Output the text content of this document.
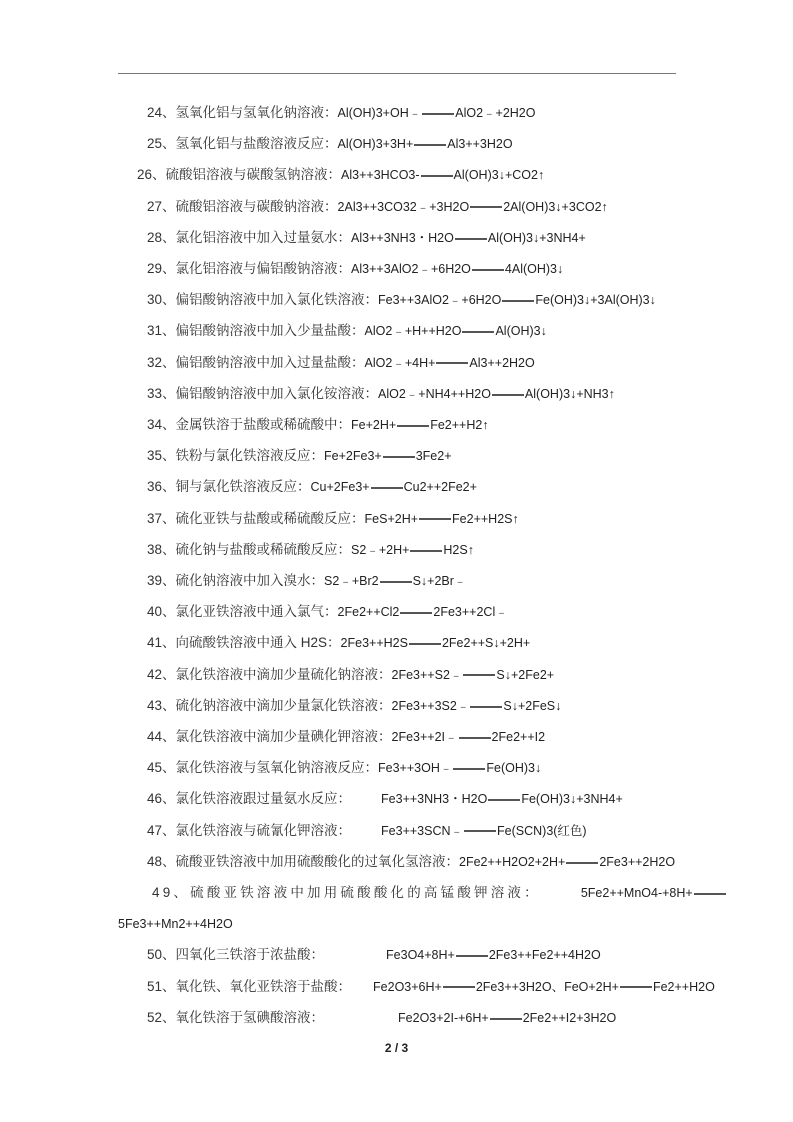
24、氢氧化铝与氢氧化钠溶液：Al(OH)3+OH﹣	AlO2﹣+2H2O
25、氢氧化铝与盐酸溶液反应：Al(OH)3+3H+	Al3++3H2O
26、硫酸铝溶液与碳酸氢钠溶液：Al3++3HCO3-	Al(OH)3↓+CO2↑
27、硫酸铝溶液与碳酸钠溶液：2Al3++3CO32﹣+3H2O	2Al(OH)3↓+3CO2↑
28、氯化铝溶液中加入过量氨水：Al3++3NH3・H2O	Al(OH)3↓+3NH4+
29、氯化铝溶液与偏铝酸钠溶液：Al3++3AlO2﹣+6H2O	4Al(OH)3↓
30、偏铝酸钠溶液中加入氯化铁溶液：Fe3++3AlO2﹣+6H2O	Fe(OH)3↓+3Al(OH)3↓
31、偏铝酸钠溶液中加入少量盐酸：AlO2﹣+H++H2O	Al(OH)3↓
32、偏铝酸钠溶液中加入过量盐酸：AlO2﹣+4H+	Al3++2H2O
33、偏铝酸钠溶液中加入氯化铵溶液：AlO2﹣+NH4++H2O	Al(OH)3↓+NH3↑
34、金属铁溶于盐酸或稀硫酸中：Fe+2H+	Fe2++H2↑
35、铁粉与氯化铁溶液反应：Fe+2Fe3+	3Fe2+
36、铜与氯化铁溶液反应：Cu+2Fe3+	Cu2++2Fe2+
37、硫化亚铁与盐酸或稀硫酸反应：FeS+2H+	Fe2++H2S↑
38、硫化钠与盐酸或稀硫酸反应：S2﹣+2H+	H2S↑
39、硫化钠溶液中加入溴水：S2﹣+Br2	S↓+2Br﹣
40、氯化亚铁溶液中通入氯气：2Fe2++Cl2	2Fe3++2Cl﹣
41、向硫酸铁溶液中通入 H2S：2Fe3++H2S	2Fe2++S↓+2H+
42、氯化铁溶液中滴加少量硫化钠溶液：2Fe3++S2﹣	S↓+2Fe2+
43、硫化钠溶液中滴加少量氯化铁溶液：2Fe3++3S2﹣	S↓+2FeS↓
44、氯化铁溶液中滴加少量碘化钾溶液：2Fe3++2I﹣	2Fe2++I2
45、氯化铁溶液与氢氧化钠溶液反应：Fe3++3OH﹣	Fe(OH)3↓
46、氯化铁溶液跟过量氨水反应： Fe3++3NH3・H2O	Fe(OH)3↓+3NH4+
47、氯化铁溶液与硫氰化钾溶液： Fe3++3SCN﹣	Fe(SCN)3(红色)
48、硫酸亚铁溶液中加用硫酸酸化的过氧化氢溶液：2Fe2++H2O2+2H+	2Fe3++2H2O
49、硫酸亚铁溶液中加用硫酸酸化的高锰酸钾溶液：	5Fe2++MnO4-+8H+
5Fe3++Mn2++4H2O
50、四氧化三铁溶于浓盐酸：	Fe3O4+8H+	2Fe3++Fe2++4H2O
51、氧化铁、氧化亚铁溶于盐酸： Fe2O3+6H+	2Fe3++3H2O、FeO+2H+	Fe2++H2O
52、氧化铁溶于氢碘酸溶液：	Fe2O3+2I-+6H+	2Fe2++I2+3H2O
2 / 3
